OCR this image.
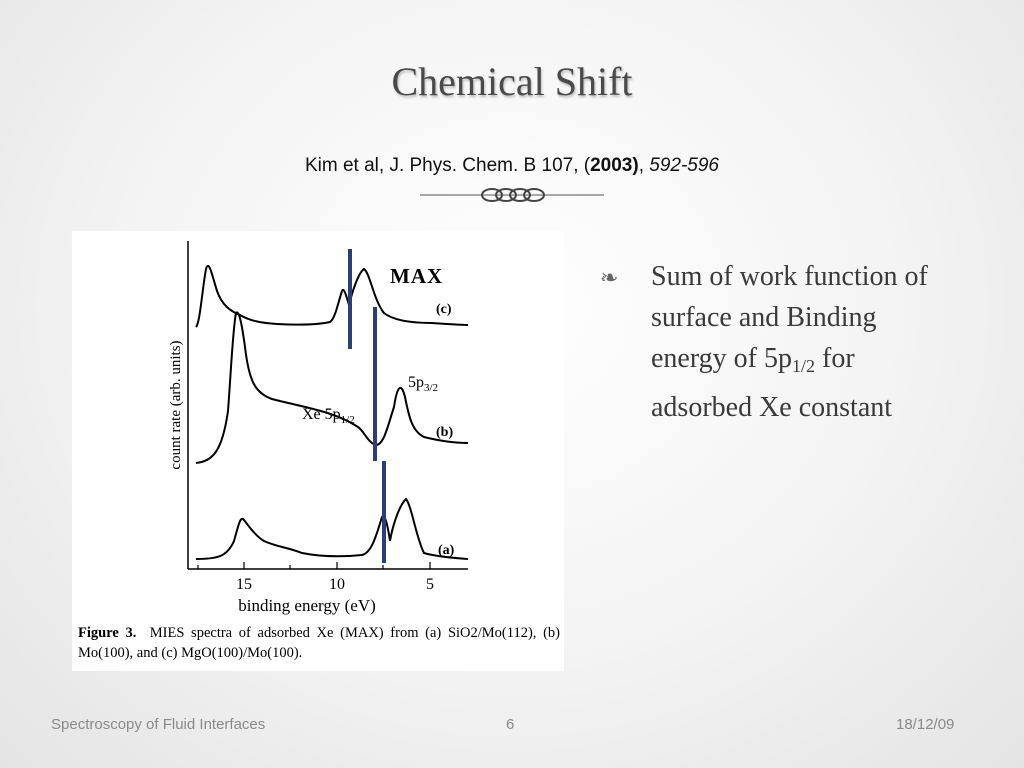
Chemical Shift
Kim et al, J. Phys. Chem. B 107, (2003), 592-596
15	10	5
binding energy (eV)
count rate (arb. units)
MAX
(c)
(b)
(a)
Xe $5p_{1/2}$
$5p_{3/2}$
Figure 3. MIES spectra of adsorbed Xe (MAX) from (a) SiO2/Mo(112), (b) Mo(100), and (c) MgO(100)/Mo(100).
❧ Sum of work function of surface and Binding energy of $5p_{1/2}$ for adsorbed Xe constant
Spectroscopy of Fluid Interfaces	6	18/12/09
